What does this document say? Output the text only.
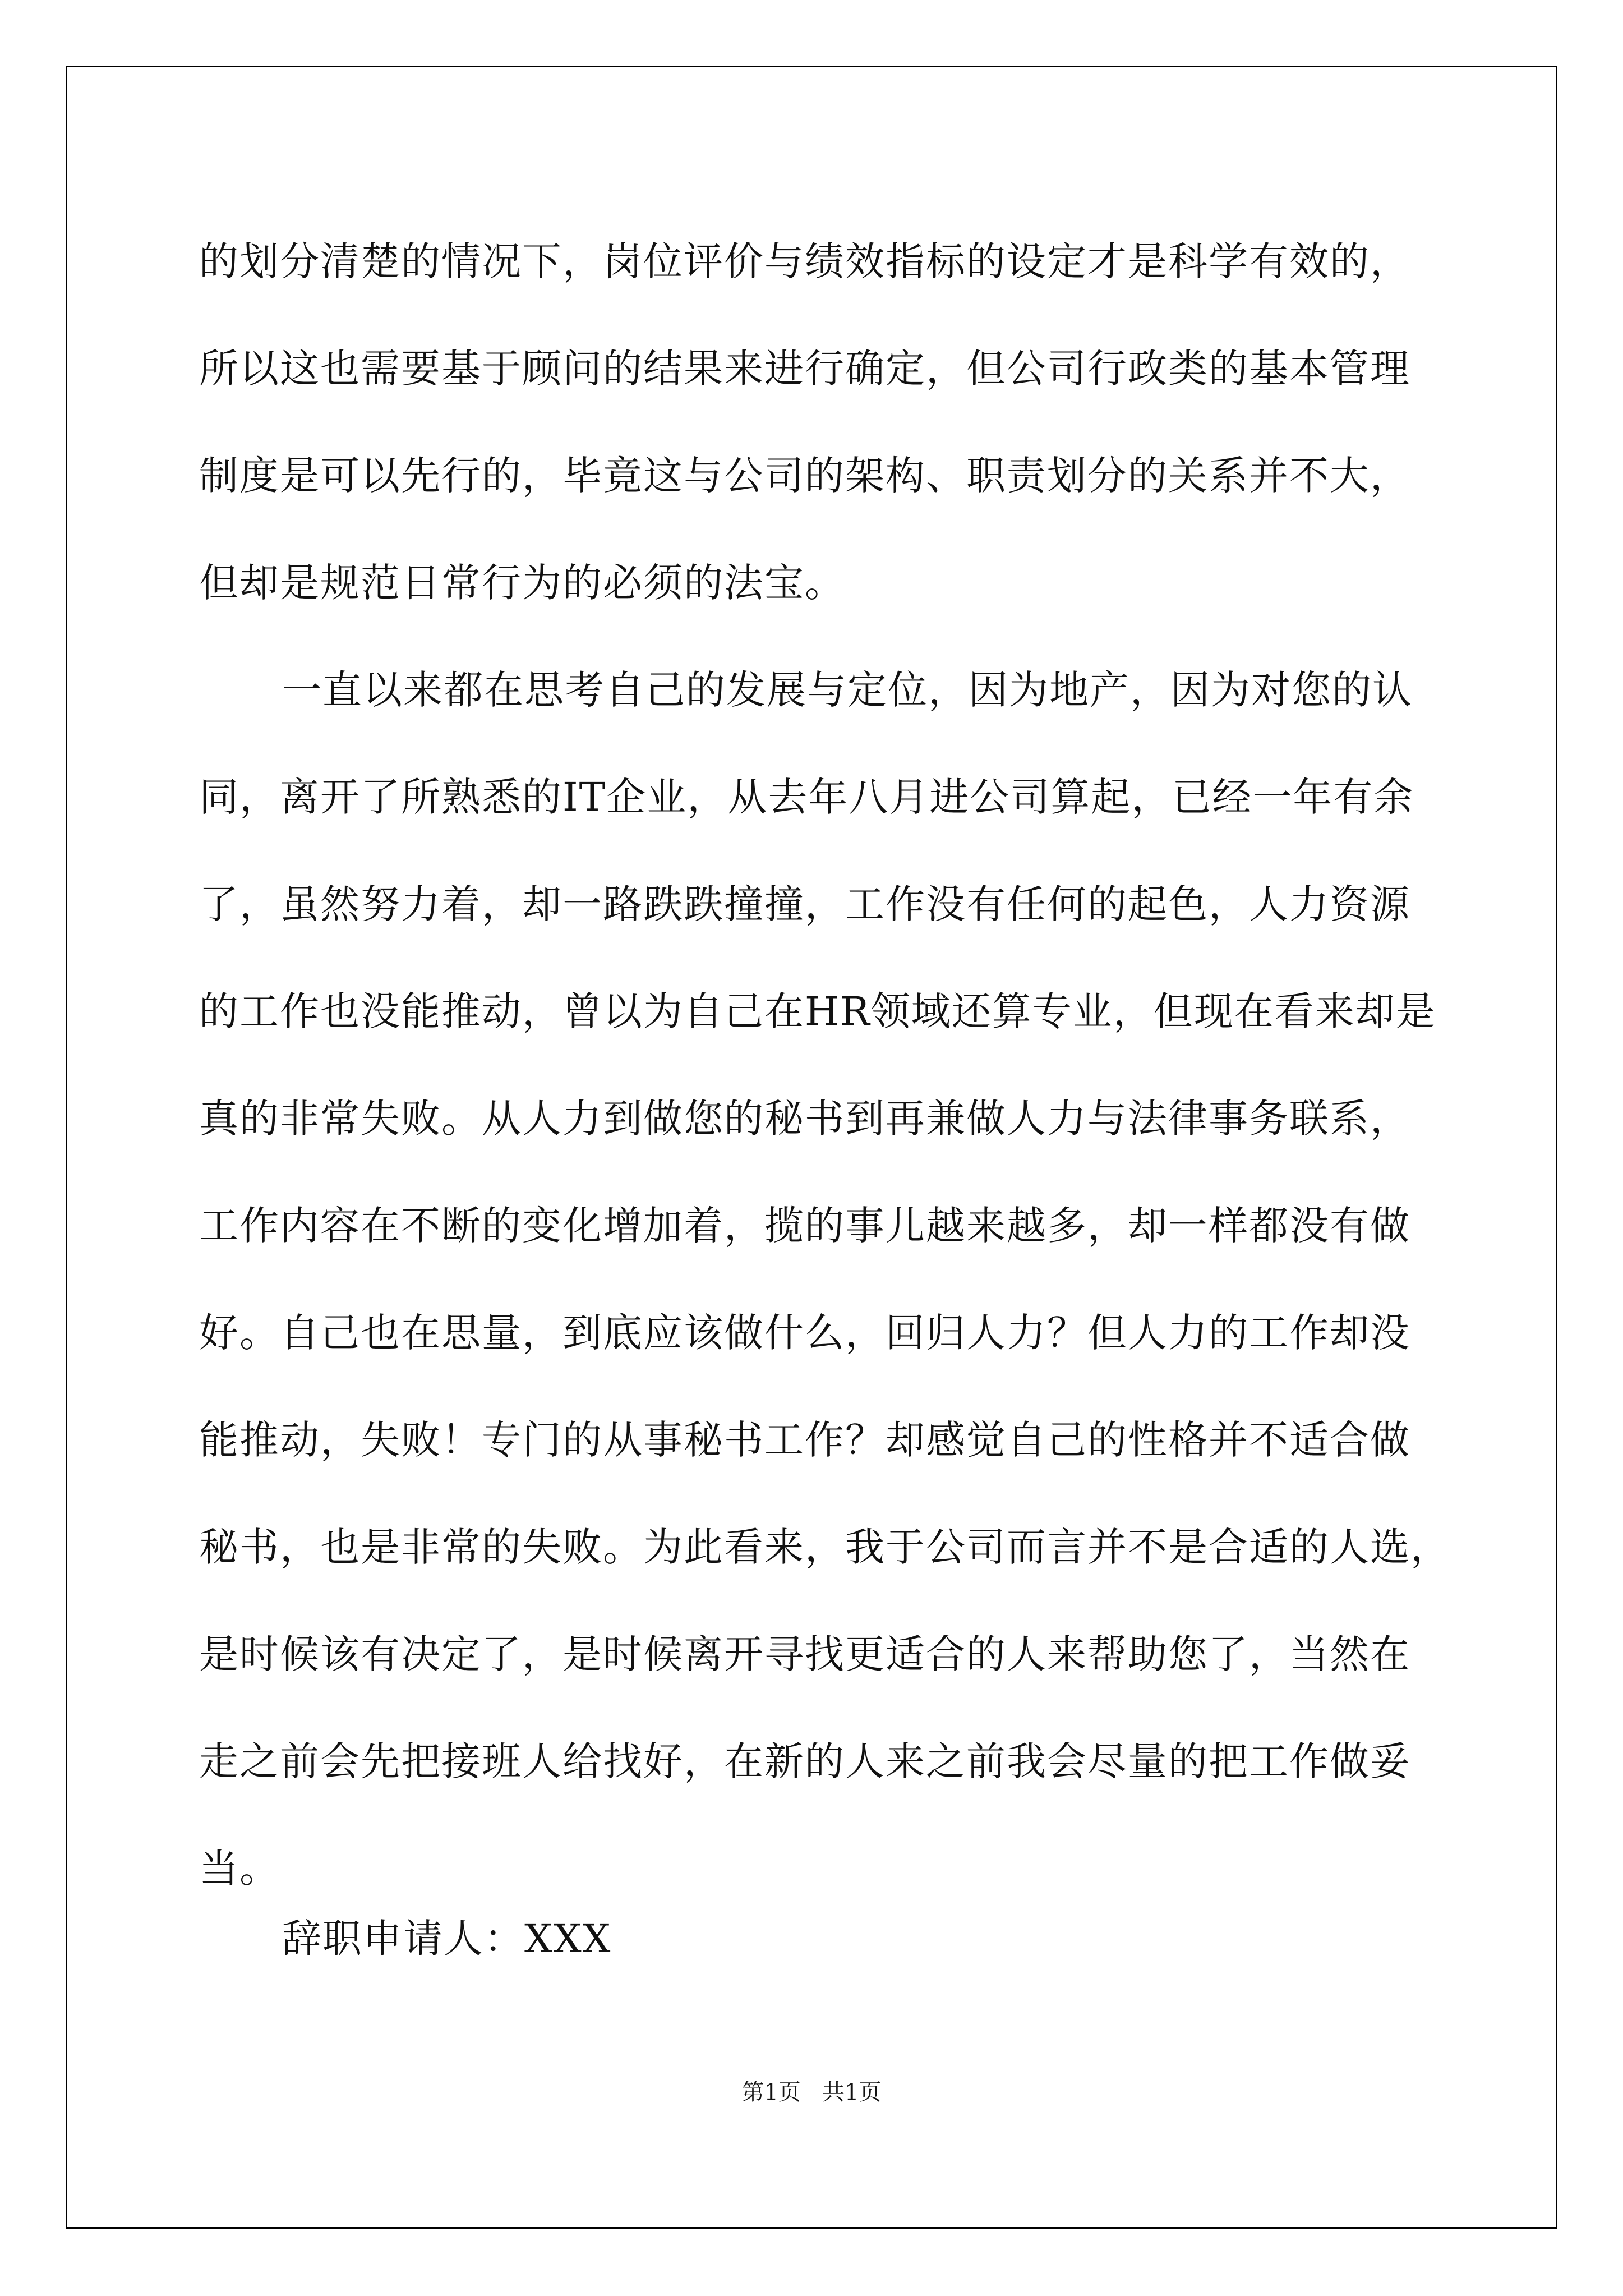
的划分清楚的情况下，岗位评价与绩效指标的设定才是科学有效的，
所以这也需要基于顾问的结果来进行确定，但公司行政类的基本管理
制度是可以先行的，毕竟这与公司的架构、职责划分的关系并不大，
但却是规范日常行为的必须的法宝。
一直以来都在思考自己的发展与定位，因为地产，因为对您的认
同，离开了所熟悉的IT企业，从去年八月进公司算起，已经一年有余
了，虽然努力着，却一路跌跌撞撞，工作没有任何的起色，人力资源
的工作也没能推动，曾以为自己在HR领域还算专业，但现在看来却是
真的非常失败。从人力到做您的秘书到再兼做人力与法律事务联系，
工作内容在不断的变化增加着，揽的事儿越来越多，却一样都没有做
好。自己也在思量，到底应该做什么，回归人力？但人力的工作却没
能推动，失败！专门的从事秘书工作？却感觉自己的性格并不适合做
秘书，也是非常的失败。为此看来，我于公司而言并不是合适的人选，
是时候该有决定了，是时候离开寻找更适合的人来帮助您了，当然在
走之前会先把接班人给找好，在新的人来之前我会尽量的把工作做妥
当。
辞职申请人：XXX
第1页   共1页
